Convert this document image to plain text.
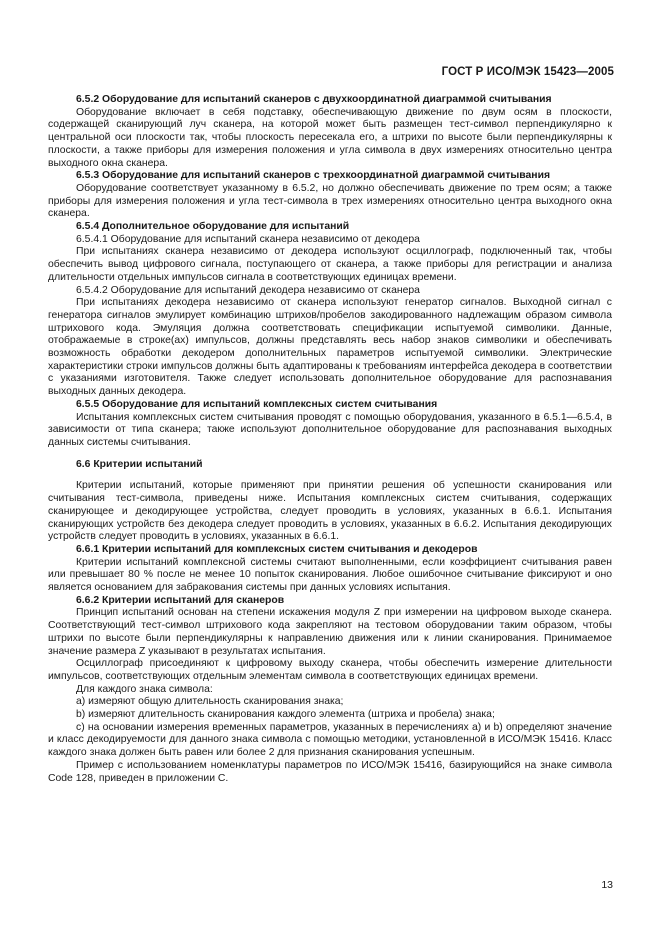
ГОСТ Р ИСО/МЭК 15423—2005

6.5.2 Оборудование для испытаний сканеров с двухкоординатной диаграммой считывания

Оборудование включает в себя подставку, обеспечивающую движение по двум осям в плоскости, содержащей сканирующий луч сканера, на которой может быть размещен тест-символ перпендикулярно к центральной оси плоскости так, чтобы плоскость пересекала его, а штрихи по высоте были перпендикулярны к плоскости, а также приборы для измерения положения и угла символа в двух измерениях относительно центра выходного окна сканера.

6.5.3 Оборудование для испытаний сканеров с трехкоординатной диаграммой считывания

Оборудование соответствует указанному в 6.5.2, но должно обеспечивать движение по трем осям; а также приборы для измерения положения и угла тест-символа в трех измерениях относительно центра выходного окна сканера.

6.5.4 Дополнительное оборудование для испытаний

6.5.4.1 Оборудование для испытаний сканера независимо от декодера

При испытаниях сканера независимо от декодера используют осциллограф, подключенный так, чтобы обеспечить вывод цифрового сигнала, поступающего от сканера, а также приборы для регистрации и анализа длительности отдельных импульсов сигнала в соответствующих единицах времени.

6.5.4.2 Оборудование для испытаний декодера независимо от сканера

При испытаниях декодера независимо от сканера используют генератор сигналов. Выходной сигнал с генератора сигналов эмулирует комбинацию штрихов/пробелов закодированного надлежащим образом символа штрихового кода. Эмуляция должна соответствовать спецификации испытуемой символики. Данные, отображаемые в строке(ах) импульсов, должны представлять весь набор знаков символики и обеспечивать возможность обработки декодером дополнительных параметров испытуемой символики. Электрические характеристики строки импульсов должны быть адаптированы к требованиям интерфейса декодера в соответствии с указаниями изготовителя. Также следует использовать дополнительное оборудование для распознавания выходных данных декодера.

6.5.5 Оборудование для испытаний комплексных систем считывания

Испытания комплексных систем считывания проводят с помощью оборудования, указанного в 6.5.1—6.5.4, в зависимости от типа сканера; также используют дополнительное оборудование для распознавания выходных данных системы считывания.

6.6 Критерии испытаний

Критерии испытаний, которые применяют при принятии решения об успешности сканирования или считывания тест-символа, приведены ниже. Испытания комплексных систем считывания, содержащих сканирующее и декодирующее устройства, следует проводить в условиях, указанных в 6.6.1. Испытания сканирующих устройств без декодера следует проводить в условиях, указанных в 6.6.2. Испытания декодирующих устройств следует проводить в условиях, указанных в 6.6.1.

6.6.1 Критерии испытаний для комплексных систем считывания и декодеров

Критерии испытаний комплексной системы считают выполненными, если коэффициент считывания равен или превышает 80 % после не менее 10 попыток сканирования. Любое ошибочное считывание фиксируют и оно является основанием для забракования системы при данных условиях испытания.

6.6.2 Критерии испытаний для сканеров

Принцип испытаний основан на степени искажения модуля Z при измерении на цифровом выходе сканера. Соответствующий тест-символ штрихового кода закрепляют на тестовом оборудовании таким образом, чтобы штрихи по высоте были перпендикулярны к направлению движения или к линии сканирования. Принимаемое значение размера Z указывают в результатах испытания.

Осциллограф присоединяют к цифровому выходу сканера, чтобы обеспечить измерение длительности импульсов, соответствующих отдельным элементам символа в соответствующих единицах времени.

Для каждого знака символа:

а) измеряют общую длительность сканирования знака;

b) измеряют длительность сканирования каждого элемента (штриха и пробела) знака;

с) на основании измерения временных параметров, указанных в перечислениях а) и b) определяют значение и класс декодируемости для данного знака символа с помощью методики, установленной в ИСО/МЭК 15416. Класс каждого знака должен быть равен или более 2 для признания сканирования успешным.

Пример с использованием номенклатуры параметров по ИСО/МЭК 15416, базирующийся на знаке символа Code 128, приведен в приложении С.

13
